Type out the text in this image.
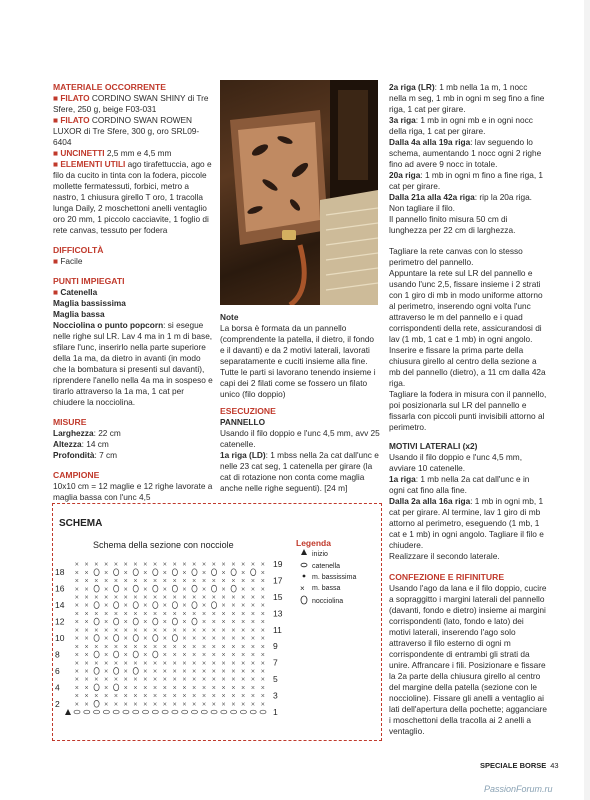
MATERIALE OCCORRENTE

■ FILATO CORDINO SWAN SHINY di Tre Sfere, 250 g, beige F03-031

■ FILATO CORDINO SWAN ROWEN LUXOR di Tre Sfere, 300 g, oro SRL09-6404

■ UNCINETTI 2,5 mm e 4,5 mm

■ ELEMENTI UTILI ago tirafettuccia, ago e filo da cucito in tinta con la fodera, piccole mollette fermatessuti, forbici, metro a nastro, 1 chiusura girello T oro, 1 tracolla lunga Daily, 2 moschettoni anelli ventaglio oro 20 mm, 1 piccolo cacciavite, 1 foglio di rete canvas, tessuto per fodera

DIFFICOLTÀ

■ Facile

PUNTI IMPIEGATI

■ Catenella

Maglia bassissima

Maglia bassa

Nocciolina o punto popcorn: si esegue nelle righe sul LR. Lav 4 ma in 1 m di base, sfilare l'unc, inserirlo nella parte superiore della 1a ma, da dietro in avanti (in modo che la bombatura si presenti sul davanti), riprendere l'anello nella 4a ma in sospeso e tirarlo attraverso la 1a ma, 1 cat per chiudere la nocciolina.

MISURE

Larghezza: 22 cm

Altezza: 14 cm

Profondità: 7 cm

CAMPIONE

10x10 cm = 12 maglie e 12 righe lavorate a maglia bassa con l'unc 4,5

Note

La borsa è formata da un pannello (comprendente la patella, il dietro, il fondo e il davanti) e da 2 motivi laterali, lavorati separatamente e cuciti insieme alla fine. Tutte le parti si lavorano tenendo insieme i capi dei 2 filati come se fossero un filato unico (filo doppio)

ESECUZIONE

PANNELLO

Usando il filo doppio e l'unc 4,5 mm, avv 25 catenelle.

1a riga (LD): 1 mbss nella 2a cat dall'unc e nelle 23 cat seg, 1 catenella per girare (la cat di rotazione non conta come maglia anche nelle righe seguenti). [24 m]

2a riga (LR): 1 mb nella 1a m, 1 nocc nella m seg, 1 mb in ogni m seg fino a fine riga, 1 cat per girare.

3a riga: 1 mb in ogni mb e in ogni nocc della riga, 1 cat per girare.

Dalla 4a alla 19a riga: lav seguendo lo schema, aumentando 1 nocc ogni 2 righe fino ad avere 9 nocc in totale.

20a riga: 1 mb in ogni m fino a fine riga, 1 cat per girare.

Dalla 21a alla 42a riga: rip la 20a riga.

Non tagliare il filo.

Il pannello finito misura 50 cm di lunghezza per 22 cm di larghezza.

Tagliare la rete canvas con lo stesso perimetro del pannello.

Appuntare la rete sul LR del pannello e usando l'unc 2,5, fissare insieme i 2 strati con 1 giro di mb in modo uniforme attorno al perimetro, inserendo ogni volta l'unc attraverso le m del pannello e i quad corrispondenti della rete, assicurandosi di lav (1 mb, 1 cat e 1 mb) in ogni angolo. Inserire e fissare la prima parte della chiusura girello al centro della sezione a mb del pannello (dietro), a 11 cm dalla 42a riga.

Tagliare la fodera in misura con il pannello, poi posizionarla sul LR del pannello e fissarla con piccoli punti invisibili attorno al perimetro.

MOTIVI LATERALI (x2)

Usando il filo doppio e l'unc 4,5 mm, avviare 10 catenelle.

1a riga: 1 mb nella 2a cat dall'unc e in ogni cat fino alla fine.

Dalla 2a alla 16a riga: 1 mb in ogni mb, 1 cat per girare. Al termine, lav 1 giro di mb attorno al perimetro, eseguendo (1 mb, 1 cat e 1 mb) in ogni angolo. Tagliare il filo e chiudere.

Realizzare il secondo laterale.

CONFEZIONE E RIFINITURE

Usando l'ago da lana e il filo doppio, cucire a sopraggitto i margini laterali del pannello (davanti, fondo e dietro) insieme ai margini corrispondenti (lato, fondo e lato) dei motivi laterali, inserendo l'ago solo attraverso il filo esterno di ogni m corrispondente di entrambi gli strati da unire. Affrancare i fili. Posizionare e fissare la 2a parte della chiusura girello al centro del margine della patella (sezione con le noccioline). Fissare gli anelli a ventaglio ai lati dell'apertura della pochette; agganciare i moschettoni della tracolla ai 2 anelli a ventaglio.

SCHEMA
Schema della sezione con nocciole
× × × × × × × × × × × × × × × × × × ×
× × × × × × × × × × × × × × × × × × × ×
× × × × × × × × × × × × × × × × × ×
× × × × × × × × × × × × × × × × × × × ×
× × × × × × × × × × × × × × × × ×
× × × × × × × × × × × × × × × × × × × ×
× × × × × × × × × × × × × × × ×
× × × × × × × × × × × × × × × × × × × ×
× × × × × × × × × × × × × × ×
× × × × × × × × × × × × × × × × × × × ×
× × × × × × × × × × × × × ×
× × × × × × × × × × × × × × × × × × × ×
× × × × × × × × × × × × ×
× × × × × × × × × × × × × × × × × × × ×
× × × × × × × × × × × ×
× × × × × × × × × × × × × × × × × × × ×
× × × × × × × × × × ×
× × × × × × × × × × × × × × × × × × × ×
18
16
14
12
10
8
6
4
2
19
17
15
13
11
9
7
5
3
1
Legenda
inizio
catenella
m. bassissima
× m. bassa
nocciolina
SPECIALE BORSE 43
PassionForum.ru
